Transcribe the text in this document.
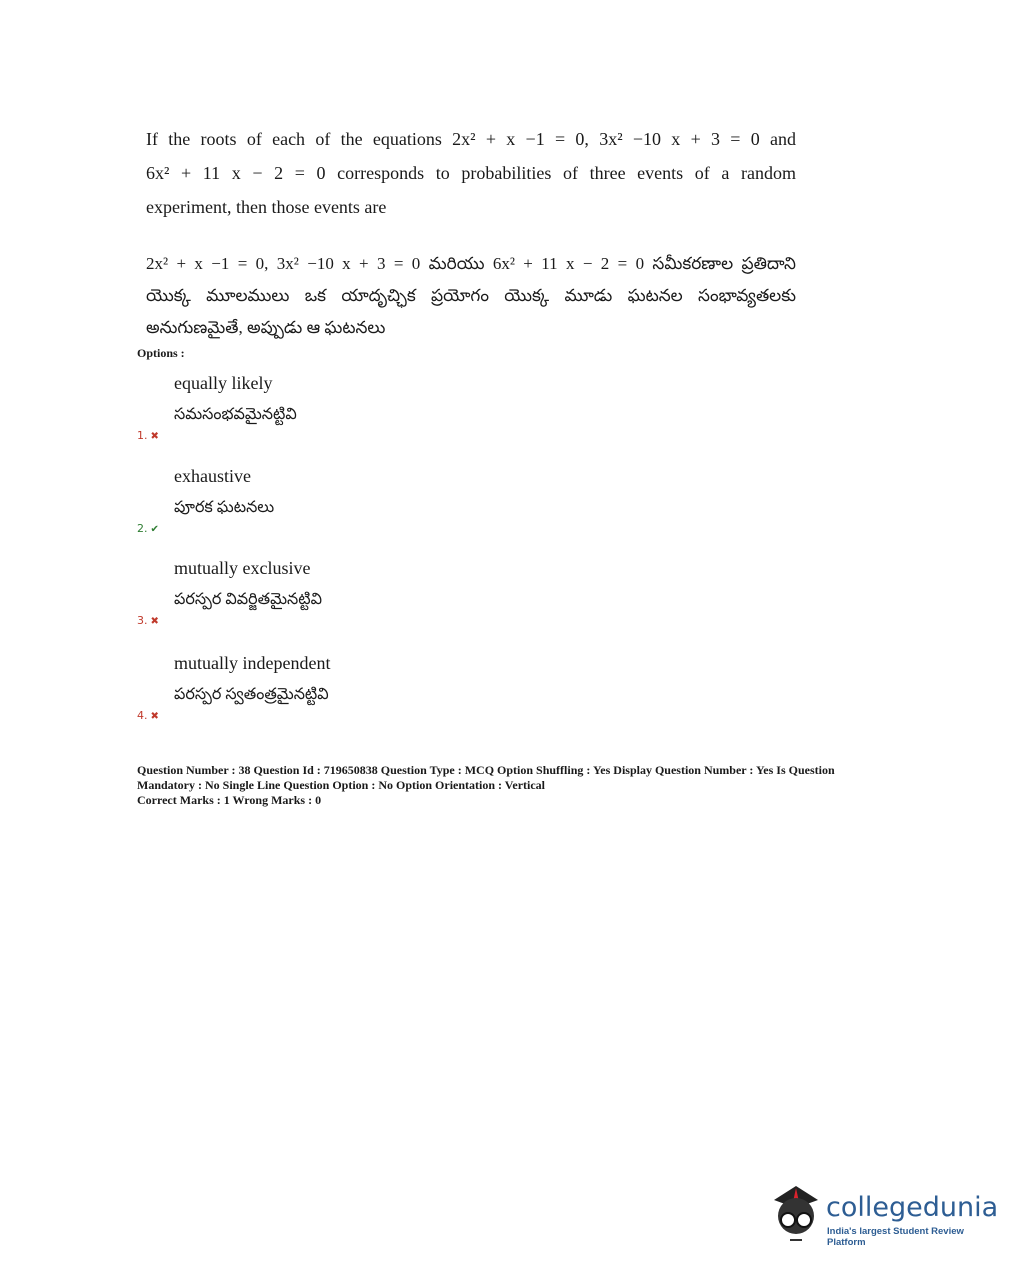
If the roots of each of the equations 2x² + x −1 = 0, 3x² −10 x + 3 = 0 and
6x² + 11 x − 2 = 0 corresponds to probabilities of three events of a random
experiment, then those events are
2x² + x −1 = 0, 3x² −10 x + 3 = 0 మరియు 6x² + 11 x − 2 = 0 సమీకరణాల ప్రతిదాని
యొక్క మూలములు ఒక యాదృచ్ఛిక ప్రయోగం యొక్క మూడు ఘటనల సంభావ్యతలకు
అనుగుణమైతే, అప్పుడు ఆ ఘటనలు
Options :
equally likely
సమసంభవమైనట్టివి
1. ✖
exhaustive
పూరక ఘటనలు
2. ✔
mutually exclusive
పరస్పర వివర్జితమైనట్టివి
3. ✖
mutually independent
పరస్పర స్వతంత్రమైనట్టివి
4. ✖
Question Number : 38 Question Id : 719650838 Question Type : MCQ Option Shuffling : Yes Display Question Number : Yes Is Question
Mandatory : No Single Line Question Option : No Option Orientation : Vertical
Correct Marks : 1 Wrong Marks : 0
collegedunia
India's largest Student Review Platform
